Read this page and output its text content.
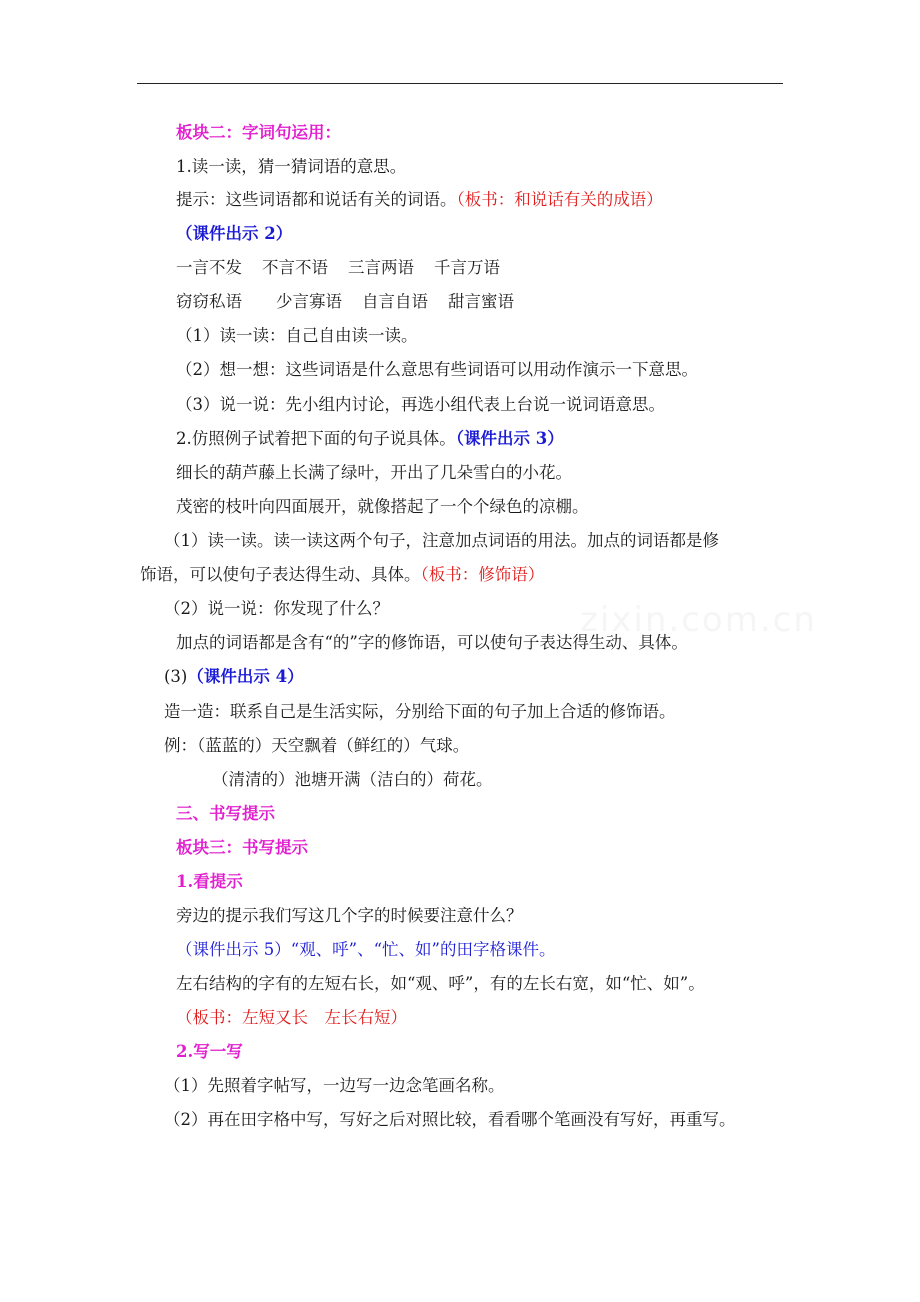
zixin.com.cn
板块二：字词句运用：
1.读一读，猜一猜词语的意思。
提示：这些词语都和说话有关的词语。（板书：和说话有关的成语）
（课件出示 2）
一言不发 不言不语 三言两语 千言万语
窃窃私语 少言寡语 自言自语 甜言蜜语
（1）读一读：自己自由读一读。
（2）想一想：这些词语是什么意思有些词语可以用动作演示一下意思。
（3）说一说：先小组内讨论，再选小组代表上台说一说词语意思。
2.仿照例子试着把下面的句子说具体。（课件出示 3）
细长的葫芦藤上长满了绿叶，开出了几朵雪白的小花。
茂密的枝叶向四面展开，就像搭起了一个个绿色的凉棚。
（1）读一读。读一读这两个句子，注意加点词语的用法。加点的词语都是修
饰语，可以使句子表达得生动、具体。（板书：修饰语）
（2）说一说：你发现了什么？
加点的词语都是含有“的”字的修饰语，可以使句子表达得生动、具体。
(3)（课件出示 4）
造一造：联系自己是生活实际，分别给下面的句子加上合适的修饰语。
例：（蓝蓝的）天空飘着（鲜红的）气球。
（清清的）池塘开满（洁白的）荷花。
三、书写提示
板块三：书写提示
1.看提示
旁边的提示我们写这几个字的时候要注意什么？
（课件出示 5）“观、呼”、“忙、如”的田字格课件。
左右结构的字有的左短右长，如“观、呼”，有的左长右宽，如“忙、如”。
（板书：左短又长　左长右短）
2.写一写
（1）先照着字帖写，一边写一边念笔画名称。
（2）再在田字格中写，写好之后对照比较，看看哪个笔画没有写好，再重写。
